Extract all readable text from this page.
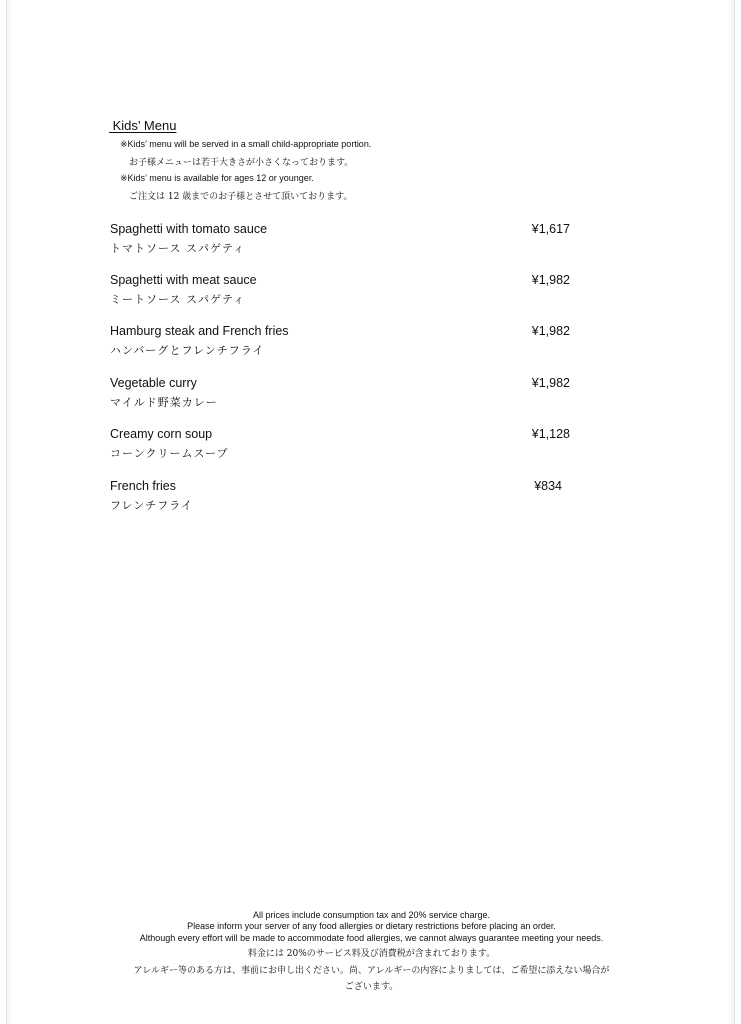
Kids’ Menu
※Kids’ menu will be served in a small child-appropriate portion.
お子様メニューは若干大きさが小さくなっております。
※Kids’ menu is available for ages 12 or younger.
ご注文は 12 歳までのお子様とさせて頂いております。
Spaghetti with tomato sauce
トマトソース スパゲティ
¥1,617
Spaghetti with meat sauce
ミートソース スパゲティ
¥1,982
Hamburg steak and French fries
ハンバーグとフレンチフライ
¥1,982
Vegetable curry
マイルド野菜カレー
¥1,982
Creamy corn soup
コーンクリームスープ
¥1,128
French fries
フレンチフライ
¥834
All prices include consumption tax and 20% service charge.
Please inform your server of any food allergies or dietary restrictions before placing an order.
Although every effort will be made to accommodate food allergies, we cannot always guarantee meeting your needs.
料金には 20%のサービス料及び消費税が含まれております。
アレルギー等のある方は、事前にお申し出ください。尚、アレルギーの内容によりましては、ご希望に添えない場合が
ございます。
